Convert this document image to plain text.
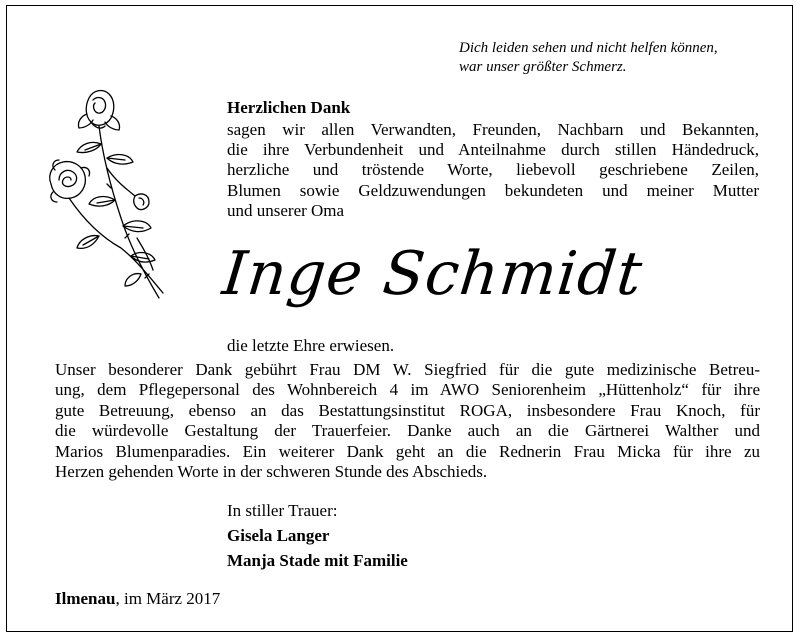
Dich leiden sehen und nicht helfen können,
war unser größter Schmerz.
Herzlichen Dank
sagen wir allen Verwandten, Freunden, Nachbarn und Bekannten,
die ihre Verbundenheit und Anteilnahme durch stillen Händedruck,
herzliche und tröstende Worte, liebevoll geschriebene Zeilen,
Blumen sowie Geldzuwendungen bekundeten und meiner Mutter
und unserer Oma
Inge Schmidt
die letzte Ehre erwiesen.
Unser besonderer Dank gebührt Frau DM W. Siegfried für die gute medizinische Betreu-
ung, dem Pflegepersonal des Wohnbereich 4 im AWO Seniorenheim „Hüttenholz“ für ihre
gute Betreuung, ebenso an das Bestattungsinstitut ROGA, insbesondere Frau Knoch, für
die würdevolle Gestaltung der Trauerfeier. Danke auch an die Gärtnerei Walther und
Marios Blumenparadies. Ein weiterer Dank geht an die Rednerin Frau Micka für ihre zu
Herzen gehenden Worte in der schweren Stunde des Abschieds.
In stiller Trauer:
Gisela Langer
Manja Stade mit Familie
Ilmenau, im März 2017
